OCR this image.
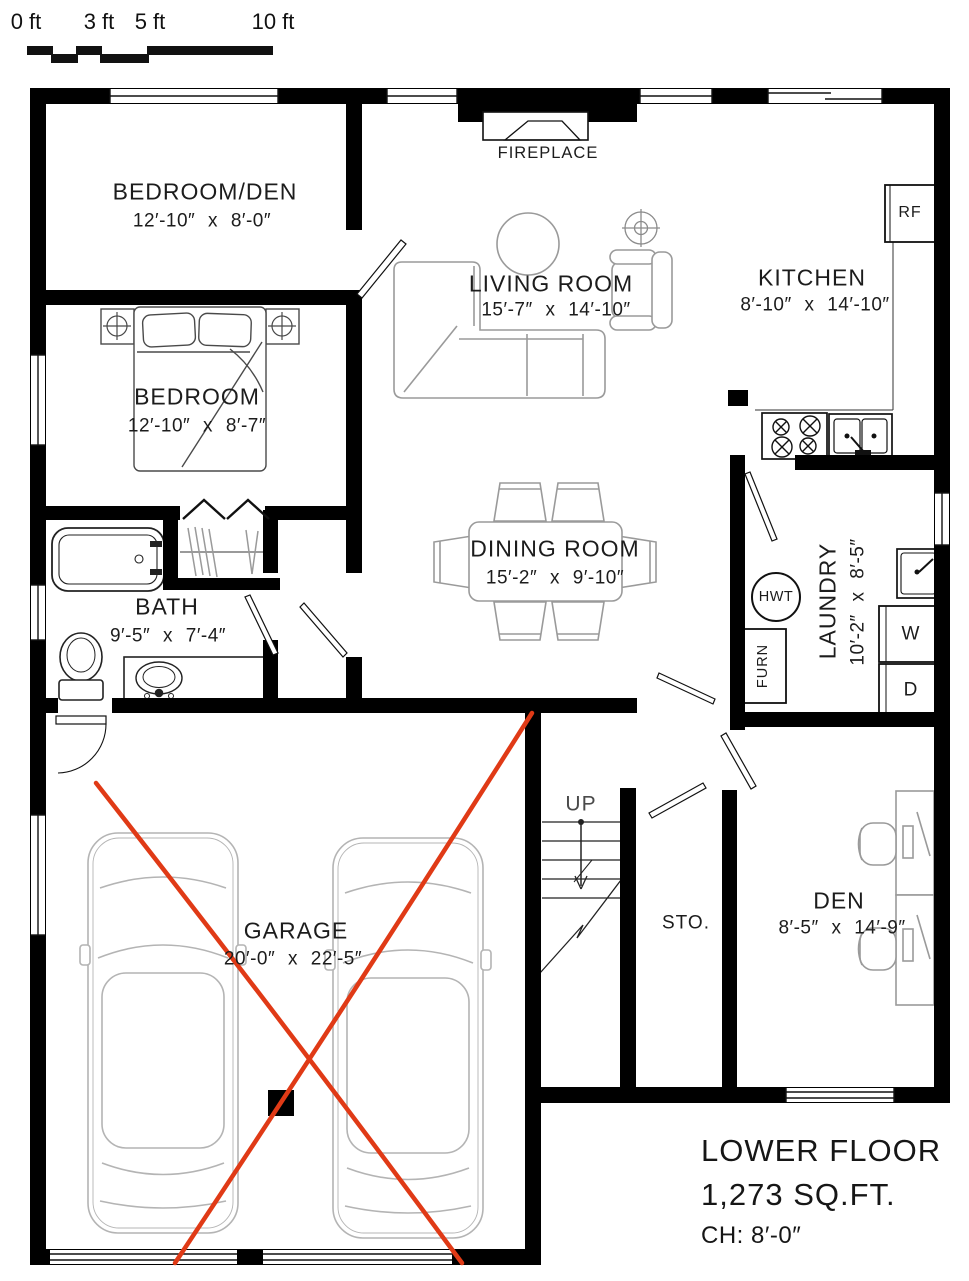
0 ft 3 ft 5 ft	10 ft
BEDROOM/DEN
12′-10″ x 8′-0″
BEDROOM
12′-10″ x 8′-7″
BATH
9′-5″ x 7′-4″
LIVING ROOM
15′-7″ x 14′-10″
KITCHEN
8′-10″ x 14′-10″
DINING ROOM
15′-2″ x 9′-10″	LAUNDRY 10′-2″ x 8′-5″
GARAGE
20′-0″ x 22′-5″
DEN
8′-5″ x 14′-9″
STO.
FIREPLACE
RF
HWT
FURN
W
D
UP
LOWER FLOOR
1,273 SQ.FT.
CH: 8′-0″
